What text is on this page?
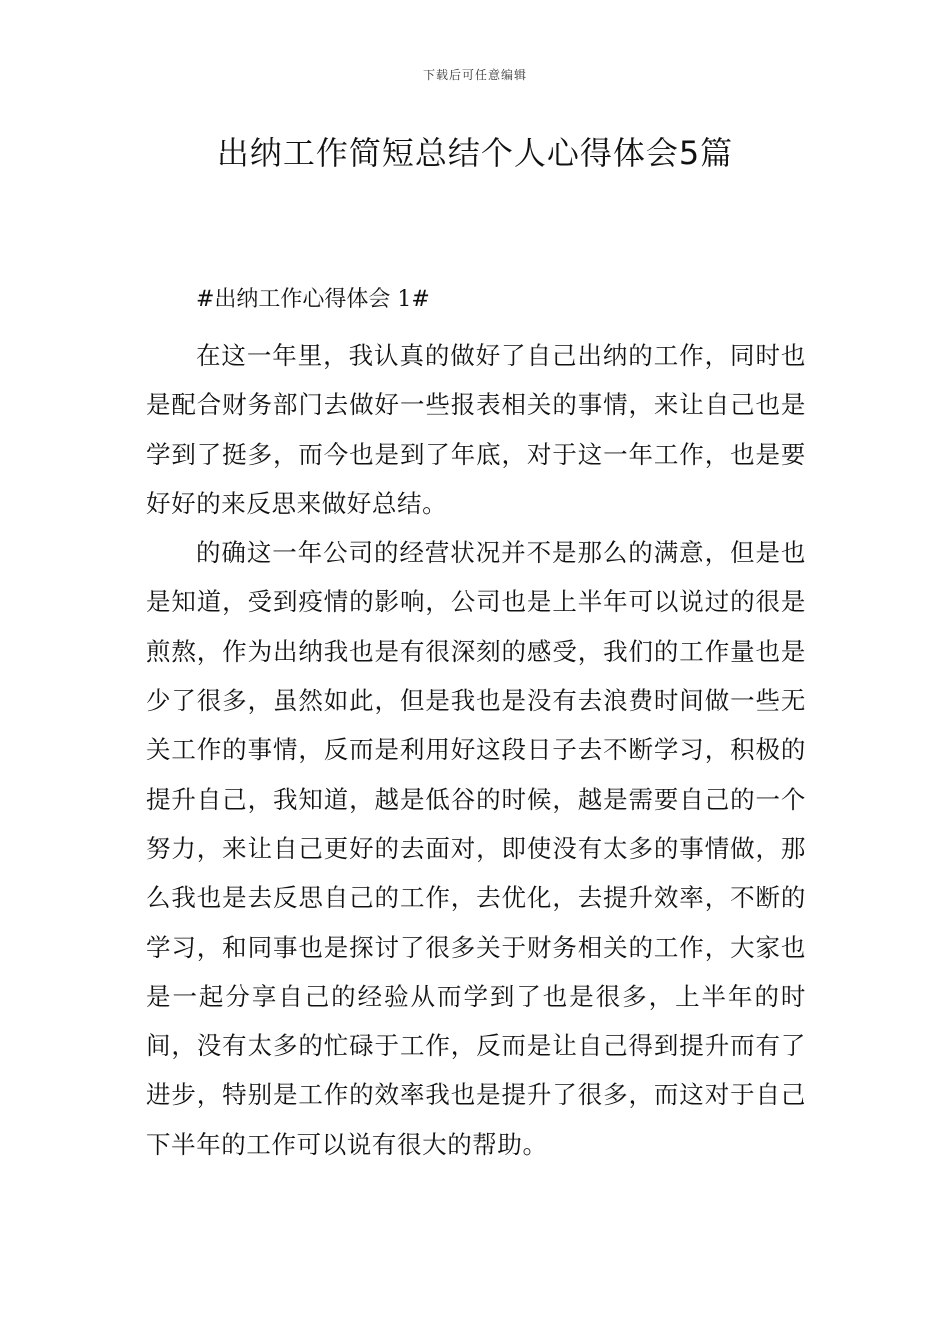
下载后可任意编辑
出纳工作简短总结个人心得体会5篇

#出纳工作心得体会 1#

在这一年里，我认真的做好了自己出纳的工作，同时也是配合财务部门去做好一些报表相关的事情，来让自己也是学到了挺多，而今也是到了年底，对于这一年工作，也是要好好的来反思来做好总结。

的确这一年公司的经营状况并不是那么的满意，但是也是知道，受到疫情的影响，公司也是上半年可以说过的很是煎熬，作为出纳我也是有很深刻的感受，我们的工作量也是少了很多，虽然如此，但是我也是没有去浪费时间做一些无关工作的事情，反而是利用好这段日子去不断学习，积极的提升自己，我知道，越是低谷的时候，越是需要自己的一个努力，来让自己更好的去面对，即使没有太多的事情做，那么我也是去反思自己的工作，去优化，去提升效率，不断的学习，和同事也是探讨了很多关于财务相关的工作，大家也是一起分享自己的经验从而学到了也是很多，上半年的时间，没有太多的忙碌于工作，反而是让自己得到提升而有了进步，特别是工作的效率我也是提升了很多，而这对于自己下半年的工作可以说有很大的帮助。
